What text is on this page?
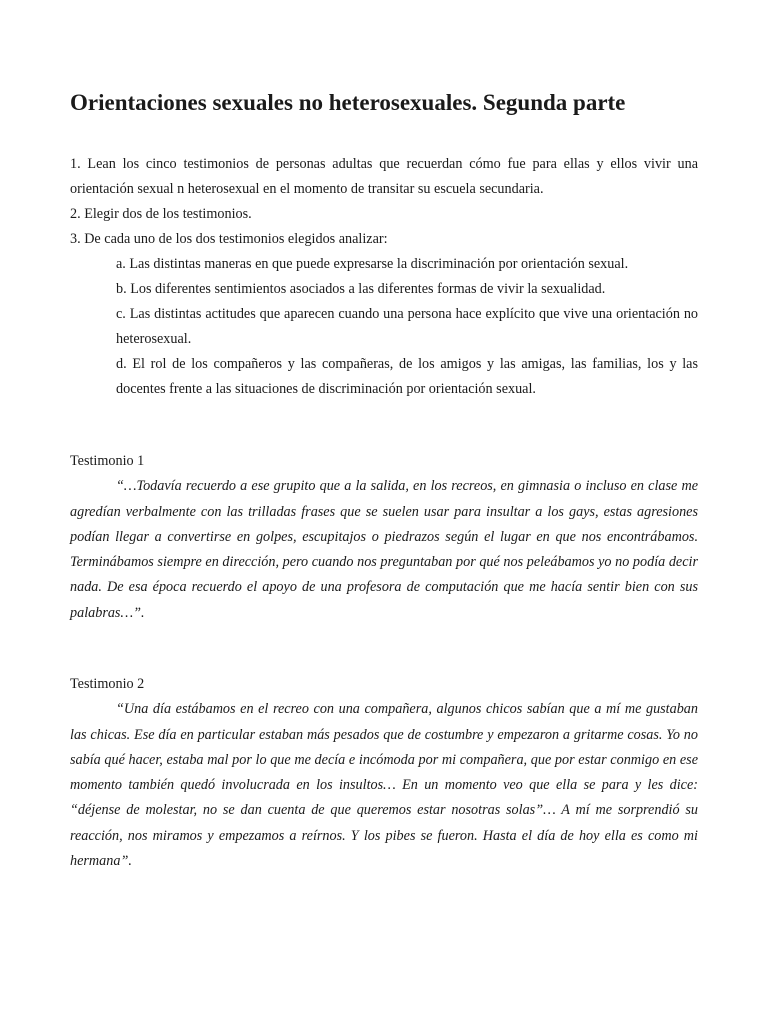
Orientaciones sexuales no heterosexuales. Segunda parte

1. Lean los cinco testimonios de personas adultas que recuerdan cómo fue para ellas y ellos vivir una orientación sexual n heterosexual en el momento de transitar su escuela secundaria.

2. Elegir dos de los testimonios.

3. De cada uno de los dos testimonios elegidos analizar:

a. Las distintas maneras en que puede expresarse la discriminación por orientación sexual.

b. Los diferentes sentimientos asociados a las diferentes formas de vivir la sexualidad.

c. Las distintas actitudes que aparecen cuando una persona hace explícito que vive una orientación no heterosexual.

d. El rol de los compañeros y las compañeras, de los amigos y las amigas, las familias, los y las docentes frente a las situaciones de discriminación por orientación sexual.

Testimonio 1

“…Todavía recuerdo a ese grupito que a la salida, en los recreos, en gimnasia o incluso en clase me agredían verbalmente con las trilladas frases que se suelen usar para insultar a los gays, estas agresiones podían llegar a convertirse en golpes, escupitajos o piedrazos según el lugar en que nos encontrábamos. Terminábamos siempre en dirección, pero cuando nos preguntaban por qué nos peleábamos yo no podía decir nada. De esa época recuerdo el apoyo de una profesora de computación que me hacía sentir bien con sus palabras…”.

Testimonio 2

“Una día estábamos en el recreo con una compañera, algunos chicos sabían que a mí me gustaban las chicas. Ese día en particular estaban más pesados que de costumbre y empezaron a gritarme cosas. Yo no sabía qué hacer, estaba mal por lo que me decía e incómoda por mi compañera, que por estar conmigo en ese momento también quedó involucrada en los insultos… En un momento veo que ella se para y les dice: “déjense de molestar, no se dan cuenta de que queremos estar nosotras solas”… A mí me sorprendió su reacción, nos miramos y empezamos a reírnos. Y los pibes se fueron. Hasta el día de hoy ella es como mi hermana”.
